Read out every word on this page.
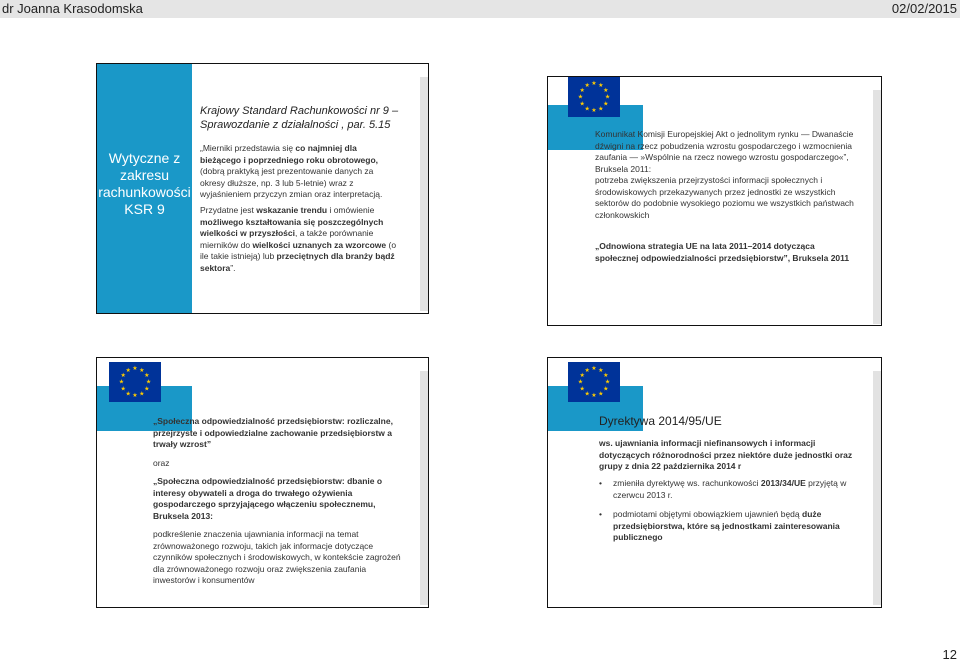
dr Joanna Krasodomska	02/02/2015
Wytyczne z zakresu rachunkowości KSR 9
Krajowy Standard Rachunkowości nr 9 – Sprawozdanie z działalności , par. 5.15
„Mierniki przedstawia się co najmniej dla bieżącego i poprzedniego roku obrotowego, (dobrą praktyką jest prezentowanie danych za okresy dłuższe, np. 3 lub 5-letnie) wraz z wyjaśnieniem przyczyn zmian oraz interpretacją.
Przydatne jest wskazanie trendu i omówienie możliwego kształtowania się poszczególnych wielkości w przyszłości, a także porównanie mierników do wielkości uznanych za wzorcowe (o ile takie istnieją) lub przeciętnych dla branży bądź sektora”.

Komunikat Komisji Europejskiej Akt o jednolitym rynku ― Dwanaście dźwigni na rzecz pobudzenia wzrostu gospodarczego i wzmocnienia zaufania ― »Wspólnie na rzecz nowego wzrostu gospodarczego«”, Bruksela 2011:

potrzeba zwiększenia przejrzystości informacji społecznych i środowiskowych przekazywanych przez jednostki ze wszystkich sektorów do podobnie wysokiego poziomu we wszystkich państwach członkowskich

„Odnowiona strategia UE na lata 2011–2014 dotycząca społecznej odpowiedzialności przedsiębiorstw”, Bruksela 2011

„Społeczna odpowiedzialność przedsiębiorstw: rozliczalne, przejrzyste i odpowiedzialne zachowanie przedsiębiorstw a trwały wzrost”

oraz

„Społeczna odpowiedzialność przedsiębiorstw: dbanie o interesy obywateli a droga do trwałego ożywienia gospodarczego sprzyjającego włączeniu społecznemu, Bruksela 2013:

podkreślenie znaczenia ujawniania informacji na temat zrównoważonego rozwoju, takich jak informacje dotyczące czynników społecznych i środowiskowych, w kontekście zagrożeń dla zrównoważonego rozwoju oraz zwiększenia zaufania inwestorów i konsumentów

Dyrektywa 2014/95/UE
ws. ujawniania informacji niefinansowych i informacji dotyczących różnorodności przez niektóre duże jednostki oraz grupy z dnia 22 października 2014 r
• zmieniła dyrektywę ws. rachunkowości 2013/34/UE przyjętą w czerwcu 2013 r.
• podmiotami objętymi obowiązkiem ujawnień będą duże przedsiębiorstwa, które są jednostkami zainteresowania publicznego
12
